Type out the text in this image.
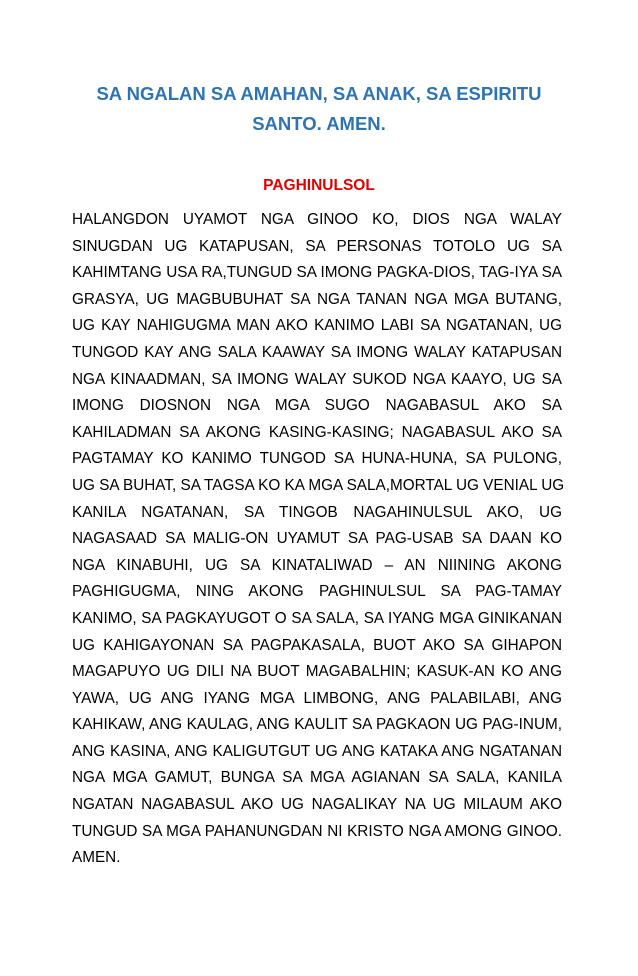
SA NGALAN SA AMAHAN, SA ANAK, SA ESPIRITU
SANTO. AMEN.
PAGHINULSOL
HALANGDON UYAMOT NGA GINOO KO, DIOS NGA WALAY
SINUGDAN UG KATAPUSAN, SA PERSONAS TOTOLO UG SA
KAHIMTANG USA RA,TUNGUD SA IMONG PAGKA-DIOS, TAG-IYA SA
GRASYA, UG MAGBUBUHAT SA NGA TANAN NGA MGA BUTANG,
UG KAY NAHIGUGMA MAN AKO KANIMO LABI SA NGATANAN, UG
TUNGOD KAY ANG SALA KAAWAY SA IMONG WALAY KATAPUSAN
NGA KINAADMAN, SA IMONG WALAY SUKOD NGA KAAYO, UG SA
IMONG DIOSNON NGA MGA SUGO NAGABASUL AKO SA
KAHILADMAN SA AKONG KASING-KASING; NAGABASUL AKO SA
PAGTAMAY KO KANIMO TUNGOD SA HUNA-HUNA, SA PULONG,
UG SA BUHAT, SA TAGSA KO KA MGA SALA,MORTAL UG VENIAL UG
KANILA NGATANAN, SA TINGOB NAGAHINULSUL AKO, UG
NAGASAAD SA MALIG-ON UYAMUT SA PAG-USAB SA DAAN KO
NGA KINABUHI, UG SA KINATALIWAD – AN NIINING AKONG
PAGHIGUGMA, NING AKONG PAGHINULSUL SA PAG-TAMAY
KANIMO, SA PAGKAYUGOT O SA SALA, SA IYANG MGA GINIKANAN
UG KAHIGAYONAN SA PAGPAKASALA, BUOT AKO SA GIHAPON
MAGAPUYO UG DILI NA BUOT MAGABALHIN; KASUK-AN KO ANG
YAWA, UG ANG IYANG MGA LIMBONG, ANG PALABILABI, ANG
KAHIKAW, ANG KAULAG, ANG KAULIT SA PAGKAON UG PAG-INUM,
ANG KASINA, ANG KALIGUTGUT UG ANG KATAKA ANG NGATANAN
NGA MGA GAMUT, BUNGA SA MGA AGIANAN SA SALA, KANILA
NGATAN NAGABASUL AKO UG NAGALIKAY NA UG MILAUM AKO
TUNGUD SA MGA PAHANUNGDAN NI KRISTO NGA AMONG GINOO.
AMEN.
